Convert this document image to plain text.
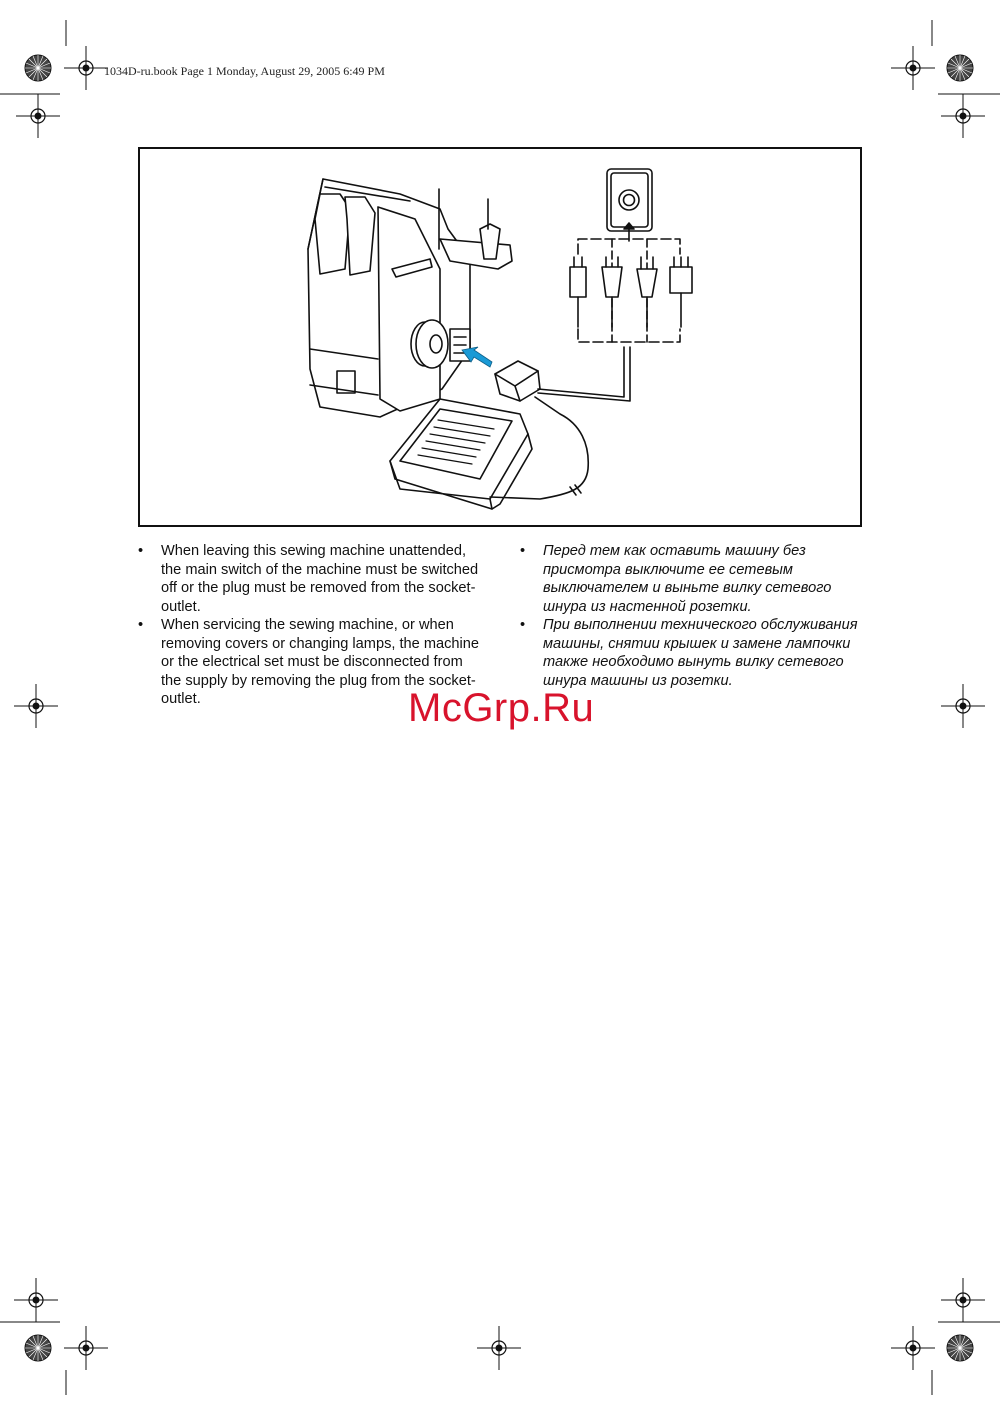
1034D-ru.book Page 1 Monday, August 29, 2005 6:49 PM
• When leaving this sewing machine unattended, the main switch of the machine must be switched off or the plug must be removed from the socket-outlet.
• When servicing the sewing machine, or when removing covers or changing lamps, the machine or the electrical set must be disconnected from the supply by removing the plug from the socket-outlet.
• Перед тем как оставить машину без присмотра выключите ее сетевым выключателем и выньте вилку сетевого шнура из настенной розетки.
• При выполнении технического обслуживания машины, снятии крышек и замене лампочки также необходимо вынуть вилку сетевого шнура машины из розетки.
McGrp.Ru
